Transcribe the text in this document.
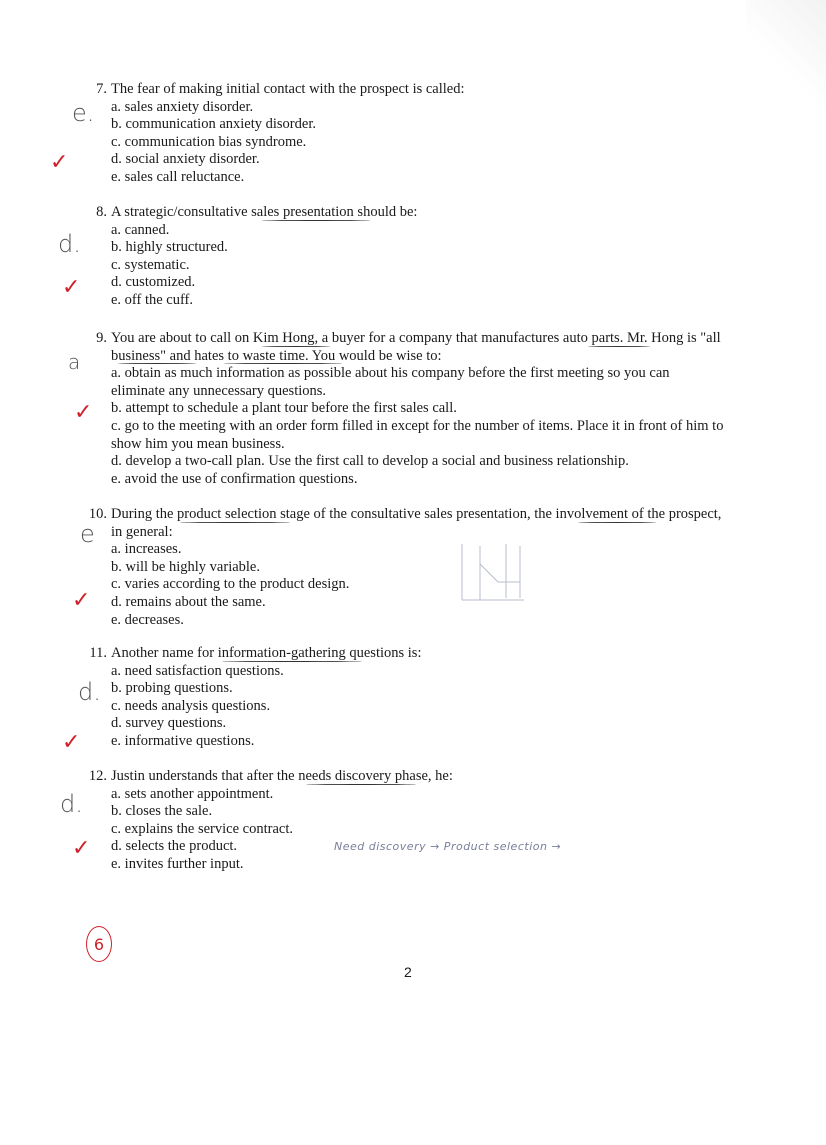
7. The fear of making initial contact with the prospect is called:
a. sales anxiety disorder.
b. communication anxiety disorder.
c. communication bias syndrome.
d. social anxiety disorder.
e. sales call reluctance.
e.
✓
8. A strategic/consultative sales presentation should be:
a. canned.
b. highly structured.
c. systematic.
d. customized.
e. off the cuff.
d.
✓
9. You are about to call on Kim Hong, a buyer for a company that manufactures auto parts. Mr. Hong is "all business" and hates to waste time. You would be wise to:
a. obtain as much information as possible about his company before the first meeting so you can eliminate any unnecessary questions.
b. attempt to schedule a plant tour before the first sales call.
c. go to the meeting with an order form filled in except for the number of items. Place it in front of him to show him you mean business.
d. develop a two-call plan. Use the first call to develop a social and business relationship.
e. avoid the use of confirmation questions.
a
✓
10. During the product selection stage of the consultative sales presentation, the involvement of the prospect, in general:
a. increases.
b. will be highly variable.
c. varies according to the product design.
d. remains about the same.
e. decreases.
e
✓
11. Another name for information-gathering questions is:
a. need satisfaction questions.
b. probing questions.
c. needs analysis questions.
d. survey questions.
e. informative questions.
d.
✓
12. Justin understands that after the needs discovery phase, he:
a. sets another appointment.
b. closes the sale.
c. explains the service contract.
d. selects the product.
e. invites further input.
d.
✓	Need discovery → Product selection →
6
2
